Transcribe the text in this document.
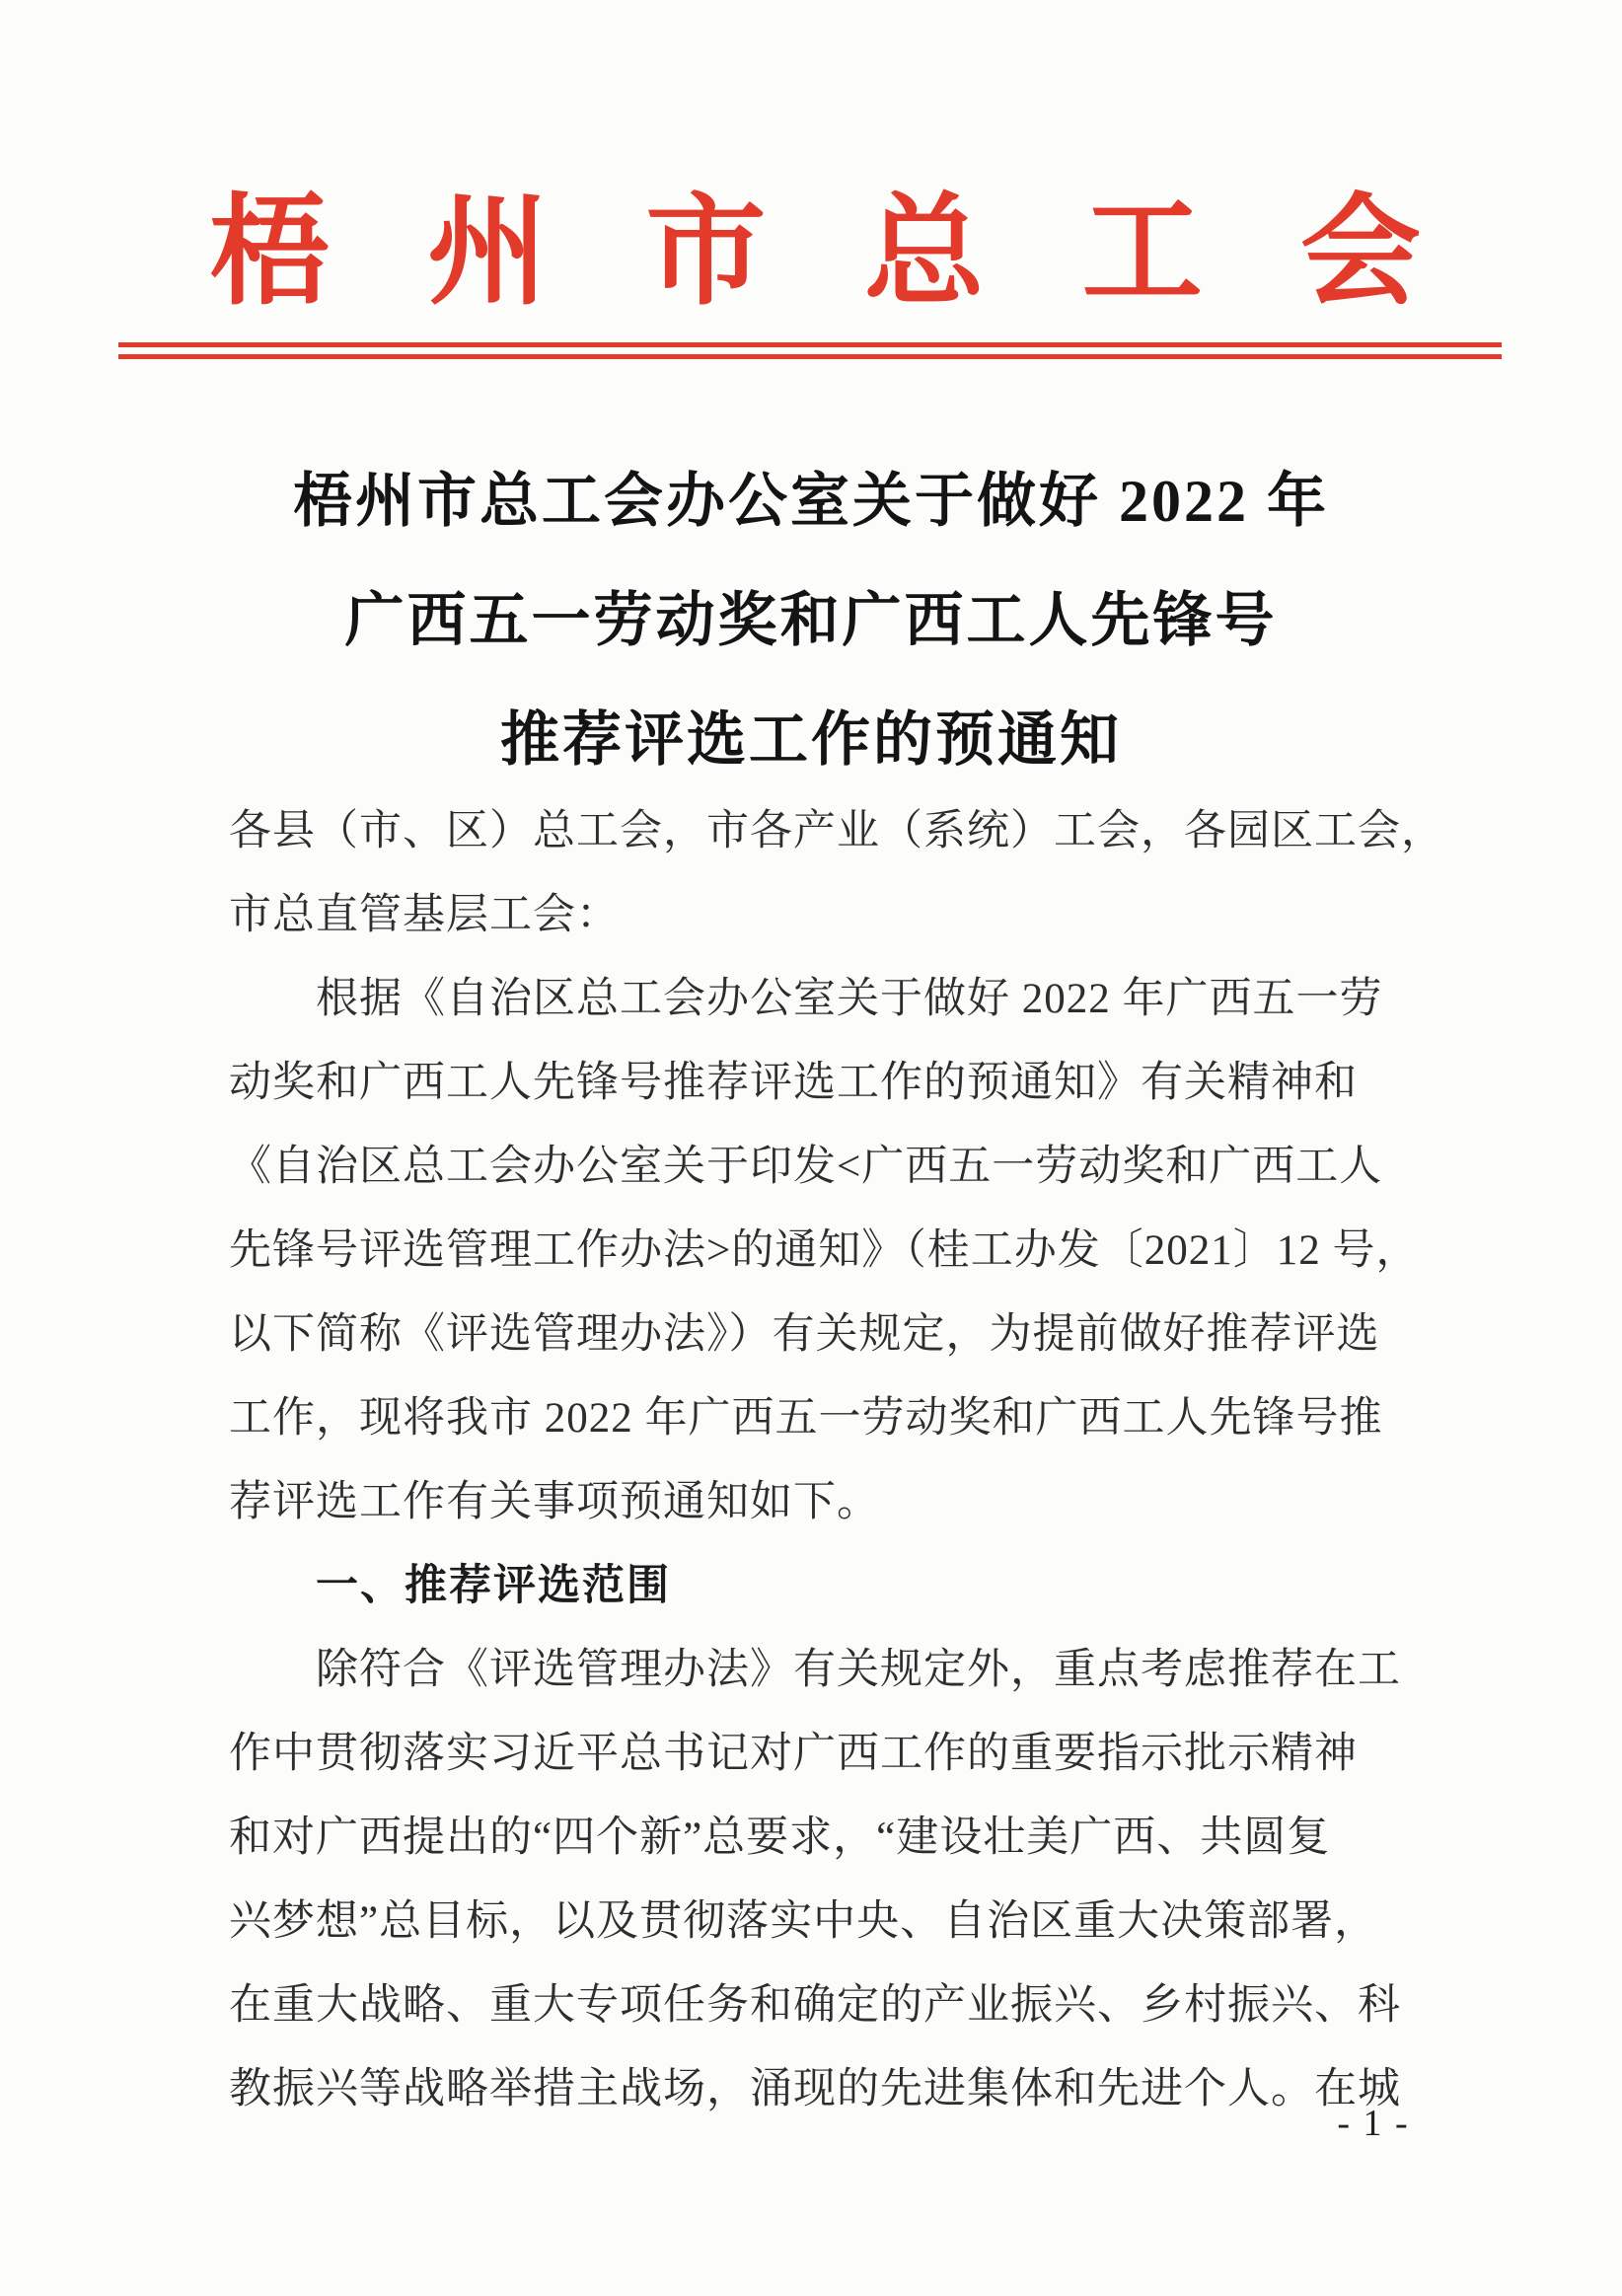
梧 州 市 总 工 会
梧州市总工会办公室关于做好 2022 年
广西五一劳动奖和广西工人先锋号
推荐评选工作的预通知
各县（市、区）总工会，市各产业（系统）工会，各园区工会，
市总直管基层工会：
根据《自治区总工会办公室关于做好 2022 年广西五一劳
动奖和广西工人先锋号推荐评选工作的预通知》有关精神和
《自治区总工会办公室关于印发<广西五一劳动奖和广西工人
先锋号评选管理工作办法>的通知》（桂工办发〔2021〕12 号，
以下简称《评选管理办法》）有关规定，为提前做好推荐评选
工作，现将我市 2022 年广西五一劳动奖和广西工人先锋号推
荐评选工作有关事项预通知如下。
一、推荐评选范围
除符合《评选管理办法》有关规定外，重点考虑推荐在工
作中贯彻落实习近平总书记对广西工作的重要指示批示精神
和对广西提出的“四个新”总要求，“建设壮美广西、共圆复
兴梦想”总目标，以及贯彻落实中央、自治区重大决策部署，
在重大战略、重大专项任务和确定的产业振兴、乡村振兴、科
教振兴等战略举措主战场，涌现的先进集体和先进个人。在城
- 1 -
